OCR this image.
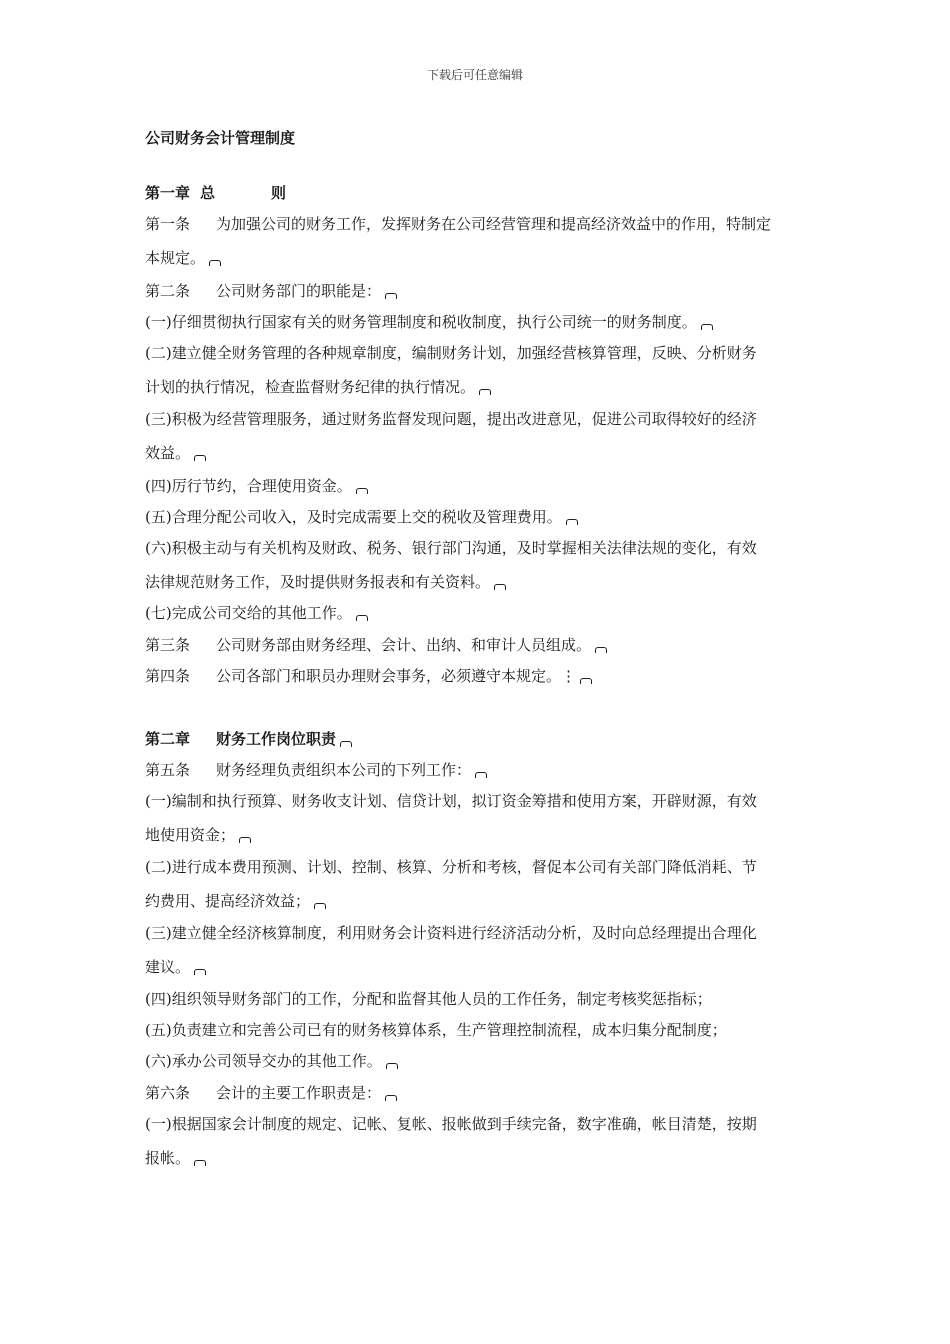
下载后可任意编辑
公司财务会计管理制度
第一章 总	则
第一条 为加强公司的财务工作，发挥财务在公司经营管理和提高经济效益中的作用，特制定
本规定。
第二条 公司财务部门的职能是：
(一)仔细贯彻执行国家有关的财务管理制度和税收制度，执行公司统一的财务制度。
(二)建立健全财务管理的各种规章制度，编制财务计划，加强经营核算管理，反映、分析财务
计划的执行情况，检查监督财务纪律的执行情况。
(三)积极为经营管理服务，通过财务监督发现问题，提出改进意见，促进公司取得较好的经济
效益。
(四)厉行节约，合理使用资金。
(五)合理分配公司收入，及时完成需要上交的税收及管理费用。
(六)积极主动与有关机构及财政、税务、银行部门沟通，及时掌握相关法律法规的变化，有效
法律规范财务工作，及时提供财务报表和有关资料。
(七)完成公司交给的其他工作。
第三条 公司财务部由财务经理、会计、出纳、和审计人员组成。
第四条 公司各部门和职员办理财会事务，必须遵守本规定。⋮
第二章 财务工作岗位职责
第五条 财务经理负责组织本公司的下列工作：
(一)编制和执行预算、财务收支计划、信贷计划，拟订资金筹措和使用方案，开辟财源，有效
地使用资金；
(二)进行成本费用预测、计划、控制、核算、分析和考核，督促本公司有关部门降低消耗、节
约费用、提高经济效益；
(三)建立健全经济核算制度，利用财务会计资料进行经济活动分析，及时向总经理提出合理化
建议。
(四)组织领导财务部门的工作，分配和监督其他人员的工作任务，制定考核奖惩指标；
(五)负责建立和完善公司已有的财务核算体系，生产管理控制流程，成本归集分配制度；
(六)承办公司领导交办的其他工作。
第六条 会计的主要工作职责是：
(一)根据国家会计制度的规定、记帐、复帐、报帐做到手续完备，数字准确，帐目清楚，按期
报帐。
